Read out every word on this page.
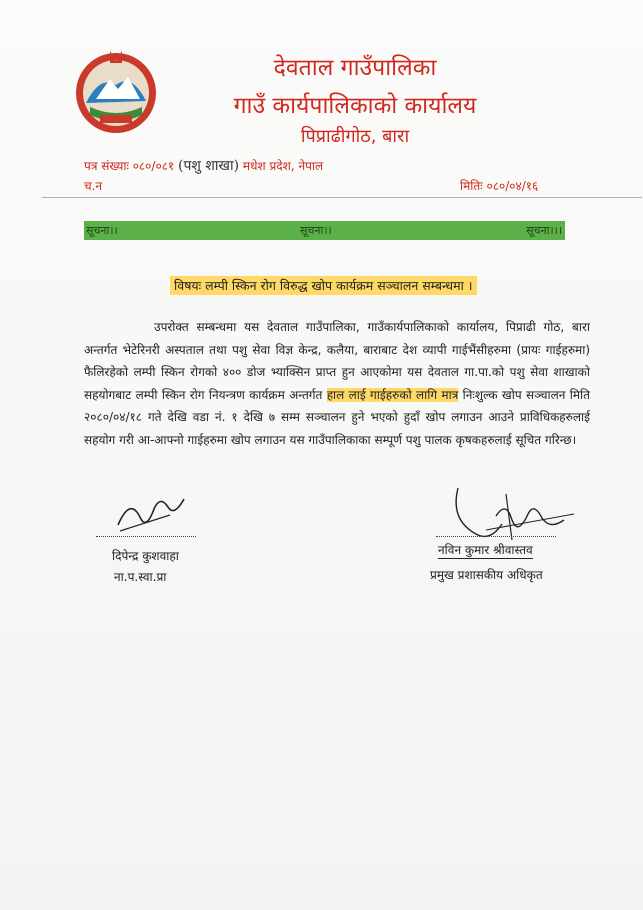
देवताल गाउँपालिका
गाउँ कार्यपालिकाको कार्यालय
पिप्राढीगोठ, बारा
पत्र संख्याः ०८०/०८१ (पशु शाखा) मधेश प्रदेश, नेपाल
च.न	मितिः ०८०/०४/१६
सूचना।।	सूचना।।	सूचना।।।
विषयः लम्पी स्किन रोग विरुद्ध खोप कार्यक्रम सञ्चालन सम्बन्धमा ।
उपरोक्त सम्बन्धमा यस देवताल गाउँपालिका, गाउँकार्यपालिकाको कार्यालय, पिप्राढी गोठ, बारा अन्तर्गत भेटेरिनरी अस्पताल तथा पशु सेवा विज्ञ केन्द्र, कलैया, बाराबाट देश व्यापी गाईभैंसीहरुमा (प्रायः गाईहरुमा) फैलिरहेको लम्पी स्किन रोगको ४०० डोज भ्याक्सिन प्राप्त हुन आएकोमा यस देवताल गा.पा.को पशु सेवा शाखाको सहयोगबाट लम्पी स्किन रोग नियन्त्रण कार्यक्रम अन्तर्गत हाल लाई गाईहरुको लागि मात्र निःशुल्क खोप सञ्चालन मिति २०८०/०४/१८ गते देखि वडा नं. १ देखि ७ सम्म सञ्चालन हुने भएको हुदाँ खोप लगाउन आउने प्राविधिकहरुलाई सहयोग गरी आ-आफ्नो गाईहरुमा खोप लगाउन यस गाउँपालिकाका सम्पूर्ण पशु पालक कृषकहरुलाई सूचित गरिन्छ।
दिपेन्द्र कुशवाहा
ना.प.स्वा.प्रा
नविन कुमार श्रीवास्तव
प्रमुख प्रशासकीय अधिकृत
